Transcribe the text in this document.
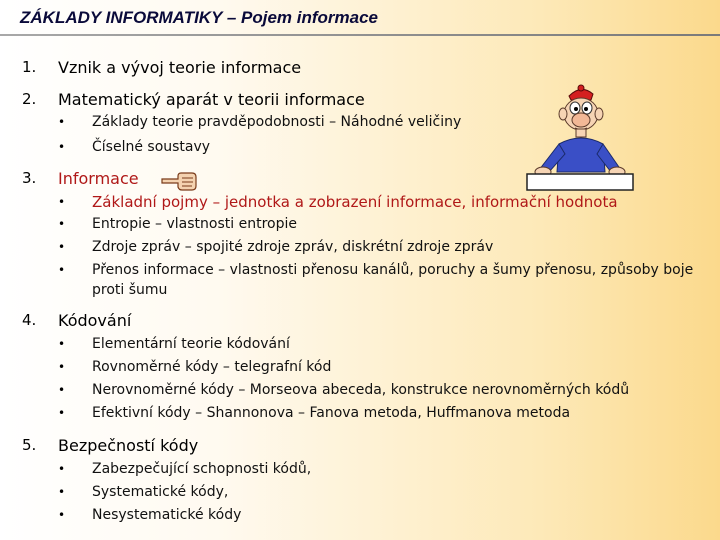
ZÁKLADY INFORMATIKY – Pojem informace
1. Vznik a vývoj teorie informace
2. Matematický aparát v teorii informace
• Základy teorie pravděpodobnosti – Náhodné veličiny
• Číselné soustavy
3. Informace
• Základní pojmy – jednotka a zobrazení informace, informační hodnota
• Entropie – vlastnosti entropie
• Zdroje zpráv – spojité zdroje zpráv, diskrétní zdroje zpráv
• Přenos informace – vlastnosti přenosu kanálů, poruchy a šumy přenosu, způsoby boje proti šumu
4. Kódování
• Elementární teorie kódování
• Rovnoměrné kódy – telegrafní kód
• Nerovnoměrné kódy – Morseova abeceda, konstrukce nerovnoměrných kódů
• Efektivní kódy – Shannonova – Fanova metoda, Huffmanova metoda
5. Bezpečností kódy
• Zabezpečující schopnosti kódů,
• Systematické kódy,
• Nesystematické kódy
